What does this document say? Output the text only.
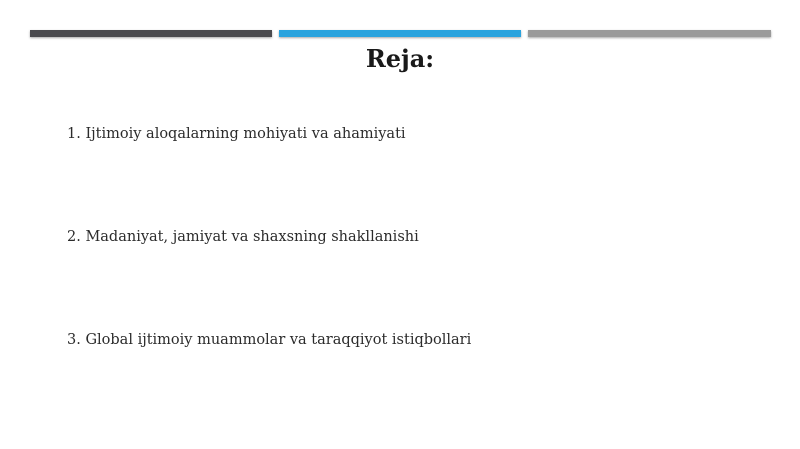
Reja:
1. Ijtimoiy aloqalarning mohiyati va ahamiyati
2. Madaniyat, jamiyat va shaxsning shakllanishi
3. Global ijtimoiy muammolar va taraqqiyot istiqbollari
